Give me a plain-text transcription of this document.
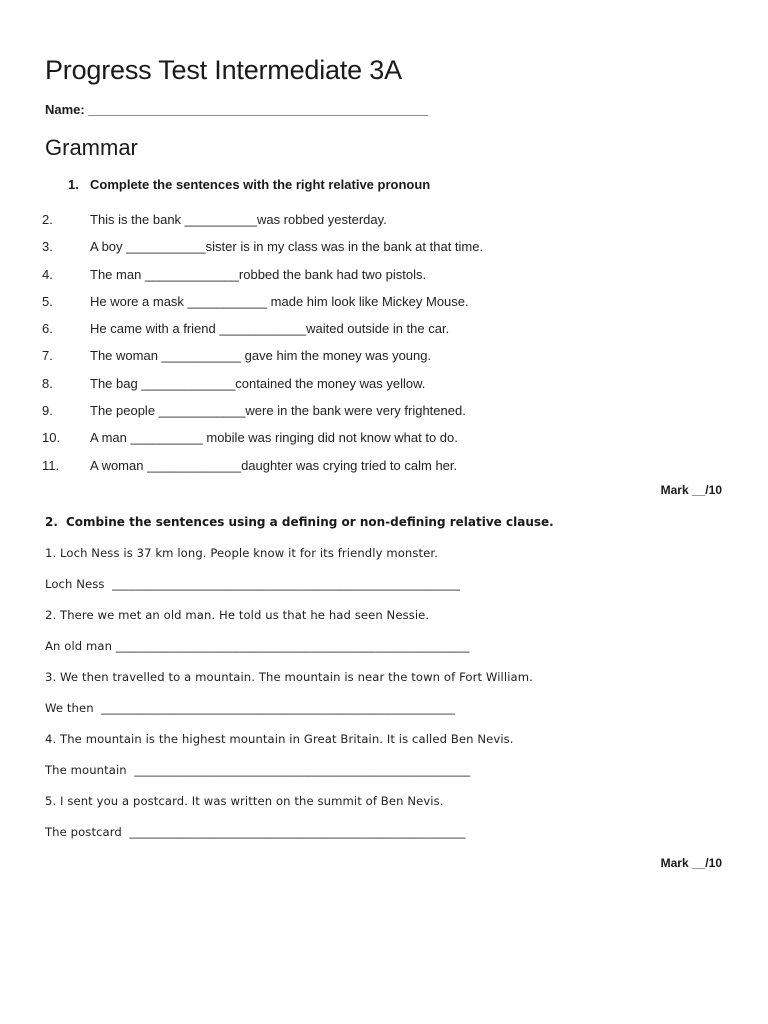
Progress Test Intermediate 3A
Name: _______________________________________________
Grammar
1. Complete the sentences with the right relative pronoun
2.	This is the bank __________was robbed yesterday.
3.	A boy ___________sister is in my class was in the bank at that time.
4.	The man _____________robbed the bank had two pistols.
5.	He wore a mask ___________ made him look like Mickey Mouse.
6.	He came with a friend ____________waited outside in the car.
7.	The woman ___________ gave him the money was young.
8.	The bag _____________contained the money was yellow.
9.	The people ____________were in the bank were very frightened.
10. A man __________ mobile was ringing did not know what to do.
11. A woman _____________daughter was crying tried to calm her.
Mark __/10
2. Combine the sentences using a defining or non-defining relative clause.
1. Loch Ness is 37 km long. People know it for its friendly monster.
Loch Ness  ___________________________________________________________
2. There we met an old man. He told us that he had seen Nessie.
An old man ____________________________________________________________
3. We then travelled to a mountain. The mountain is near the town of Fort William.
We then  ____________________________________________________________
4. The mountain is the highest mountain in Great Britain. It is called Ben Nevis.
The mountain  _________________________________________________________
5. I sent you a postcard. It was written on the summit of Ben Nevis.
The postcard  _________________________________________________________
Mark __/10
